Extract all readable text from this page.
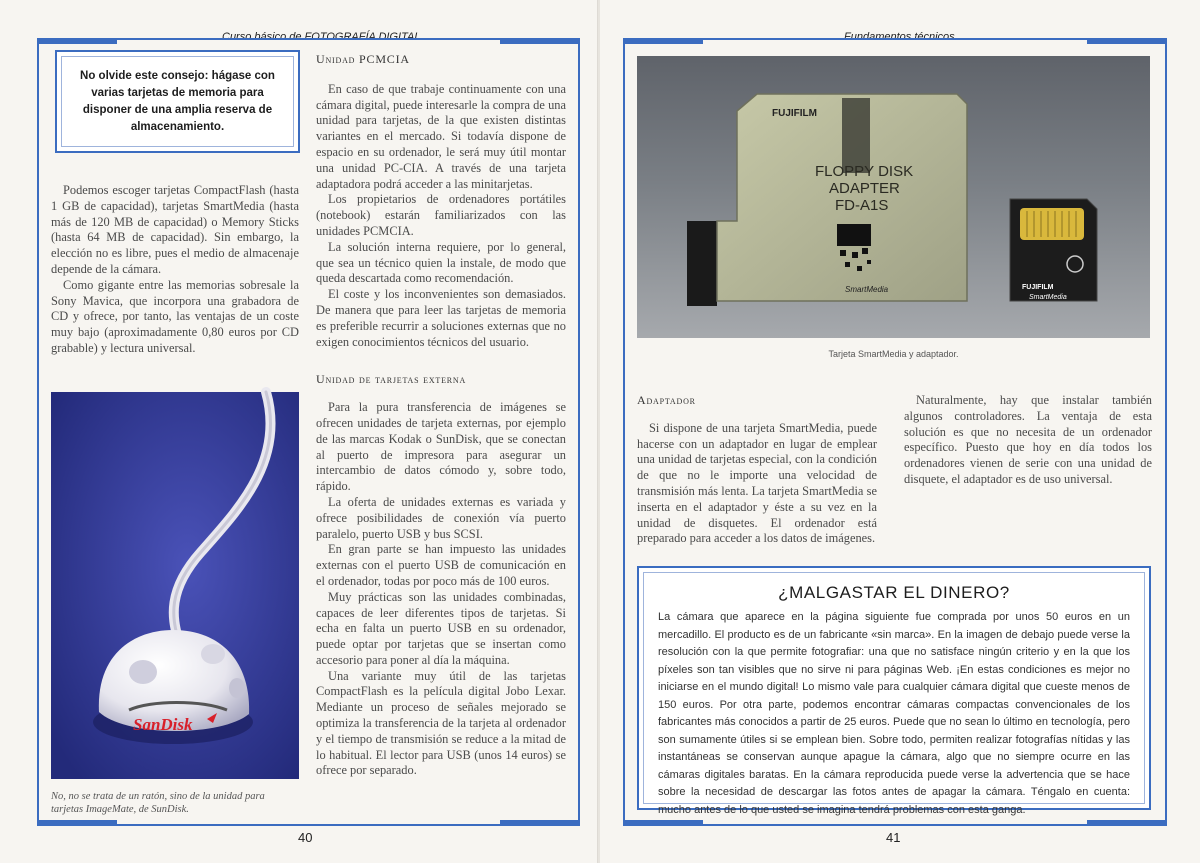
Curso básico de FOTOGRAFÍA DIGITAL
40
No olvide este consejo: hágase con varias tarjetas de memoria para disponer de una amplia reserva de almacenamiento.

Podemos escoger tarjetas CompactFlash (hasta 1 GB de capacidad), tarjetas SmartMedia (hasta más de 120 MB de capacidad) o Memory Sticks (hasta 64 MB de capacidad). Sin embargo, la elección no es libre, pues el medio de almacenaje depende de la cámara.

Como gigante entre las memorias sobresale la Sony Mavica, que incorpora una grabadora de CD y ofrece, por tanto, las ventajas de un coste muy bajo (aproximadamente 0,80 euros por CD grabable) y lectura universal.

SanDisk
No, no se trata de un ratón, sino de la unidad para tarjetas ImageMate, de SunDisk.
Unidad PCMCIA

En caso de que trabaje continuamente con una cámara digital, puede interesarle la compra de una unidad para tarjetas, de la que existen distintas variantes en el mercado. Si todavía dispone de espacio en su ordenador, le será muy útil montar una unidad PC-CIA. A través de una tarjeta adaptadora podrá acceder a las minitarjetas.

Los propietarios de ordenadores portátiles (notebook) estarán familiarizados con las unidades PCMCIA.

La solución interna requiere, por lo general, que sea un técnico quien la instale, de modo que queda descartada como recomendación.

El coste y los inconvenientes son demasiados. De manera que para leer las tarjetas de memoria es preferible recurrir a soluciones externas que no exigen conocimientos técnicos del usuario.

Unidad de tarjetas externa

Para la pura transferencia de imágenes se ofrecen unidades de tarjeta externas, por ejemplo de las marcas Kodak o SunDisk, que se conectan al puerto de impresora para asegurar un intercambio de datos cómodo y, sobre todo, rápido.

La oferta de unidades externas es variada y ofrece posibilidades de conexión vía puerto paralelo, puerto USB y bus SCSI.

En gran parte se han impuesto las unidades externas con el puerto USB de comunicación en el ordenador, todas por poco más de 100 euros.

Muy prácticas son las unidades combinadas, capaces de leer diferentes tipos de tarjetas. Si echa en falta un puerto USB en su ordenador, puede optar por tarjetas que se insertan como accesorio para poner al día la máquina.

Una variante muy útil de las tarjetas CompactFlash es la película digital Jobo Lexar. Mediante un proceso de señales mejorado se optimiza la transferencia de la tarjeta al ordenador y el tiempo de transmisión se reduce a la mitad de lo habitual. El lector para USB (unos 14 euros) se ofrece por separado.

Fundamentos técnicos
41
FUJIFILM
FLOPPY DISK
ADAPTER
FD-A1S
SmartMedia	FUJIFILM
SmartMedia
Tarjeta SmartMedia y adaptador.
Adaptador

Si dispone de una tarjeta SmartMedia, puede hacerse con un adaptador en lugar de emplear una unidad de tarjetas especial, con la condición de que no le importe una velocidad de transmisión más lenta. La tarjeta SmartMedia se inserta en el adaptador y éste a su vez en la unidad de disquetes. El ordenador está preparado para acceder a los datos de imágenes.

Naturalmente, hay que instalar también algunos controladores. La ventaja de esta solución es que no necesita de un ordenador específico. Puesto que hoy en día todos los ordenadores vienen de serie con una unidad de disquete, el adaptador es de uso universal.

¿MALGASTAR EL DINERO?
La cámara que aparece en la página siguiente fue comprada por unos 50 euros en un mercadillo. El producto es de un fabricante «sin marca». En la imagen de debajo puede verse la resolución con la que permite fotografiar: una que no satisface ningún criterio y en la que los píxeles son tan visibles que no sirve ni para páginas Web. ¡En estas condiciones es mejor no iniciarse en el mundo digital! Lo mismo vale para cualquier cámara digital que cueste menos de 150 euros. Por otra parte, podemos encontrar cámaras compactas convencionales de los fabricantes más conocidos a partir de 25 euros. Puede que no sean lo último en tecnología, pero son sumamente útiles si se emplean bien. Sobre todo, permiten realizar fotografías nítidas y las instantáneas se conservan aunque apague la cámara, algo que no siempre ocurre en las cámaras digitales baratas. En la cámara reproducida puede verse la advertencia que se hace sobre la necesidad de descargar las fotos antes de apagar la cámara. Téngalo en cuenta: mucho antes de lo que usted se imagina tendrá problemas con esta ganga.
